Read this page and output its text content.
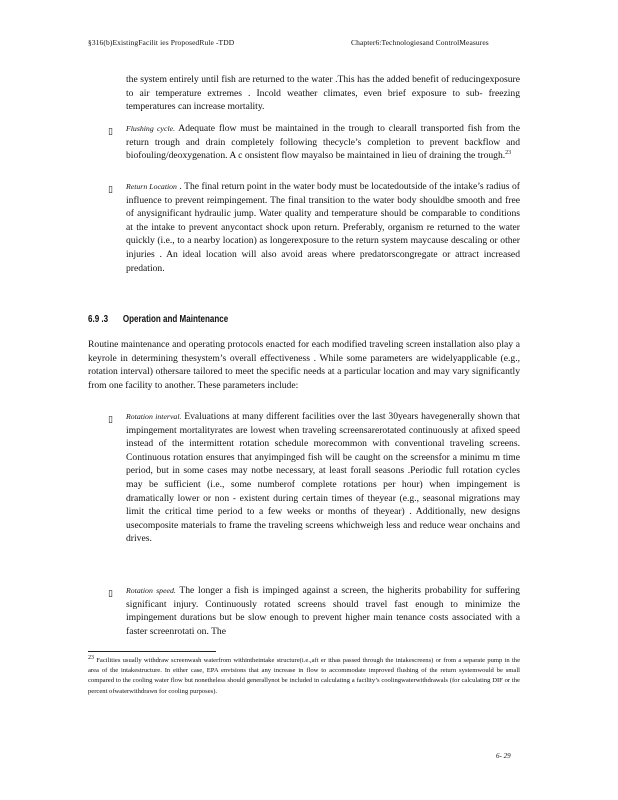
§316(b)ExistingFacilit ies ProposedRule -TDD	Chapter6:Technologiesand ControlMeasures
the system entirely until fish are returned to the water .This has the added benefit of reducingexposure to air temperature extremes . Incold weather climates, even brief exposure to sub- freezing temperatures can increase mortality.
▯ Flushing cycle. Adequate flow must be maintained in the trough to clearall transported fish from the return trough and drain completely following thecycle’s completion to prevent backflow and biofouling/deoxygenation. A c onsistent flow mayalso be maintained in lieu of draining the trough.$^{23}$
▯ Return Location . The final return point in the water body must be locatedoutside of the intake’s radius of influence to prevent reimpingement. The final transition to the water body shouldbe smooth and free of anysignificant hydraulic jump. Water quality and temperature should be comparable to conditions at the intake to prevent anycontact shock upon return. Preferably, organism re returned to the water quickly (i.e., to a nearby location) as longerexposure to the return system maycause descaling or other injuries . An ideal location will also avoid areas where predatorscongregate or attract increased predation.
6.9 .3 Operation and Maintenance
Routine maintenance and operating protocols enacted for each modified traveling screen installation also play a keyrole in determining thesystem’s overall effectiveness . While some parameters are widelyapplicable (e.g., rotation interval) othersare tailored to meet the specific needs at a particular location and may vary significantly from one facility to another. These parameters include:
▯ Rotation interval. Evaluations at many different facilities over the last 30years havegenerally shown that impingement mortalityrates are lowest when traveling screensarerotated continuously at afixed speed instead of the intermittent rotation schedule morecommon with conventional traveling screens. Continuous rotation ensures that anyimpinged fish will be caught on the screensfor a minimu m time period, but in some cases may notbe necessary, at least forall seasons .Periodic full rotation cycles may be sufficient (i.e., some numberof complete rotations per hour) when impingement is dramatically lower or non - existent during certain times of theyear (e.g., seasonal migrations may limit the critical time period to a few weeks or months of theyear) . Additionally, new designs usecomposite materials to frame the traveling screens whichweigh less and reduce wear onchains and drives.
▯ Rotation speed. The longer a fish is impinged against a screen, the higherits probability for suffering significant injury. Continuously rotated screens should travel fast enough to minimize the impingement durations but be slow enough to prevent higher main tenance costs associated with a faster screenrotati on. The
$^{23}$ Facilities usually withdraw screenwash waterfrom withintheintake structure(i.e.,aft er ithas passed through the intakescreens) or from a separate pump in the area of the intakestructure. In either case, EPA envisions that any increase in flow to accommodate improved flushing of the return systemwould be small compared to the cooling water flow but nonetheless should generallynot be included in calculating a facility’s coolingwaterwithdrawals (for calculating DIF or the percent ofwaterwithdrawn for cooling purposes).
6- 29
